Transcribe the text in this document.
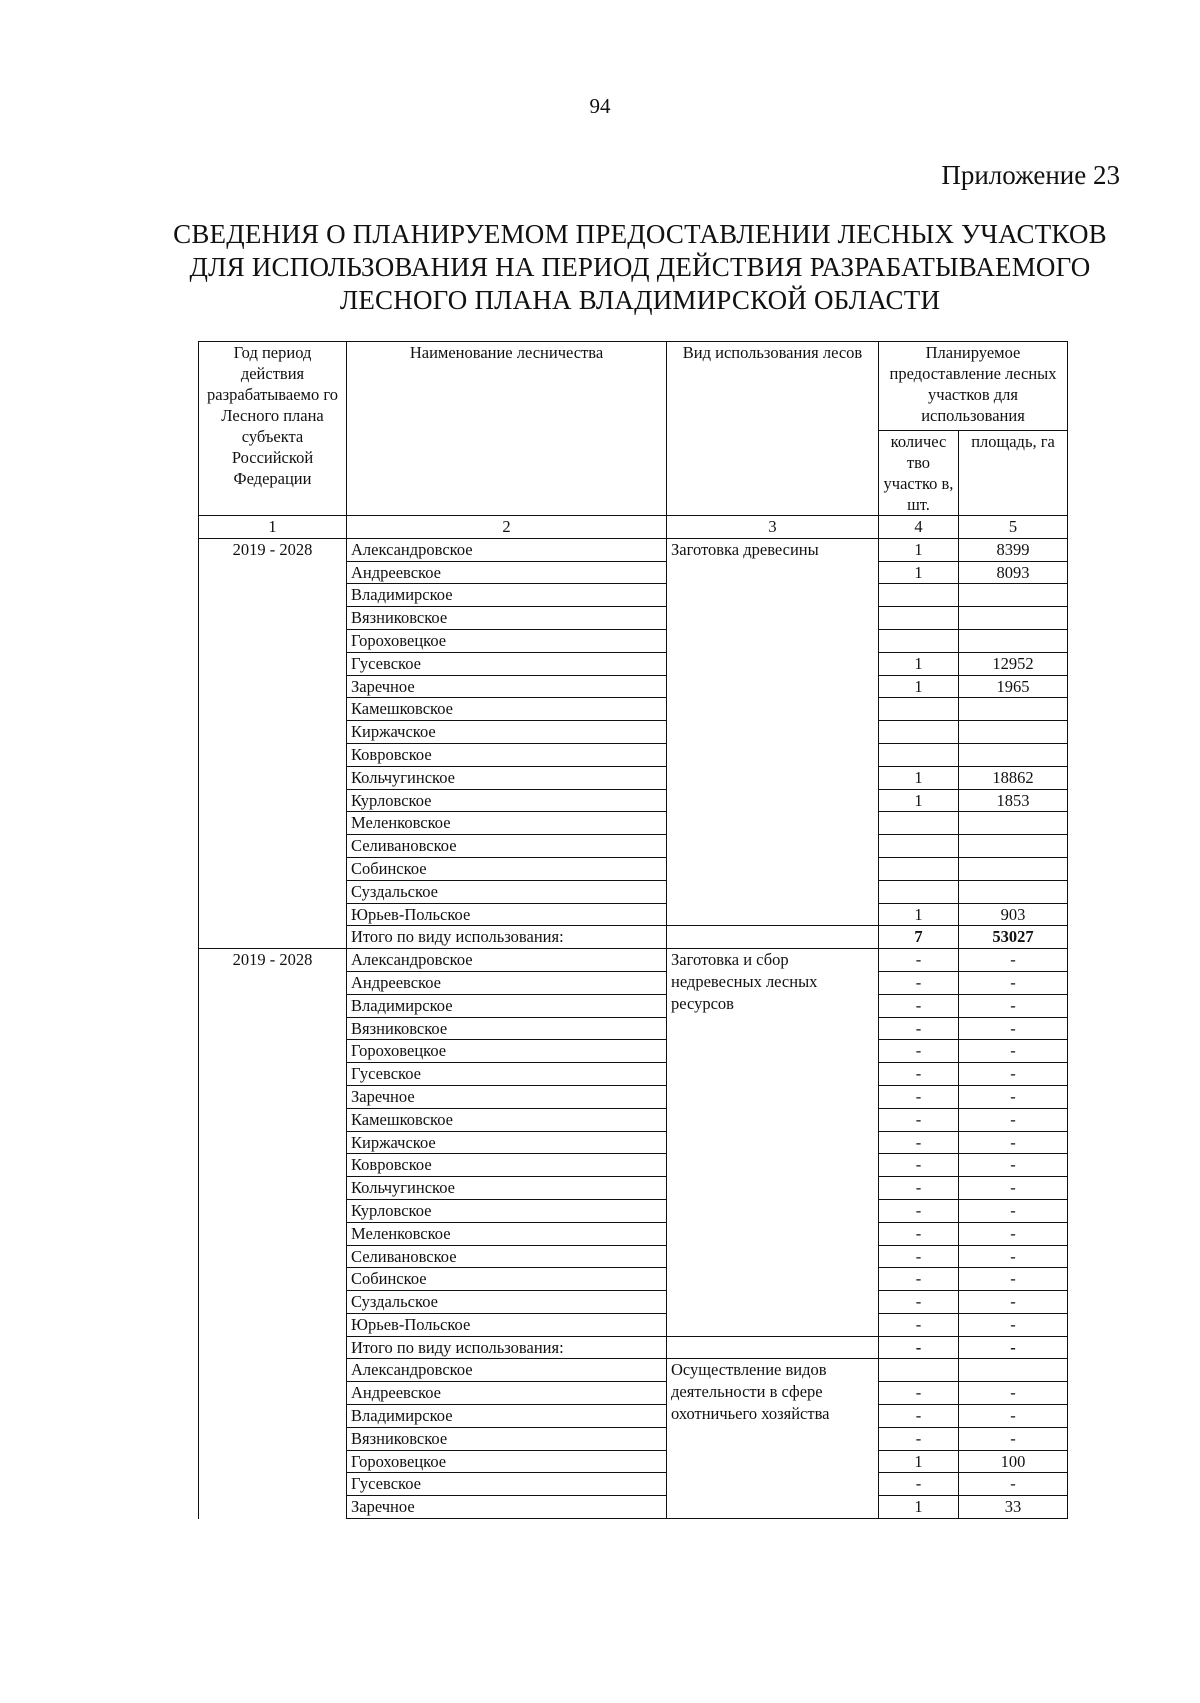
94
Приложение 23
СВЕДЕНИЯ О ПЛАНИРУЕМОМ ПРЕДОСТАВЛЕНИИ ЛЕСНЫХ УЧАСТКОВ
ДЛЯ ИСПОЛЬЗОВАНИЯ НА ПЕРИОД ДЕЙСТВИЯ РАЗРАБАТЫВАЕМОГО
ЛЕСНОГО ПЛАНА ВЛАДИМИРСКОЙ ОБЛАСТИ
Год период действия разрабатываемо го Лесного плана субъекта Российской Федерации	Наименование лесничества	Вид использования лесов	Планируемое предоставление лесных участков для использования	
			количес тво участко в, шт.	площадь, га
1	2	3	4	5
2019 - 2028	Александровское	Заготовка древесины	1	8399
	Андреевское		1	8093
	Владимирское			
	Вязниковское			
	Гороховецкое			
	Гусевское		1	12952
	Заречное		1	1965
	Камешковское			
	Киржачское			
	Ковровское			
	Кольчугинское		1	18862
	Курловское		1	1853
	Меленковское			
	Селивановское			
	Собинское			
	Суздальское			
	Юрьев-Польское		1	903
	Итого по виду использования:		7	53027
2019 - 2028	Александровское	Заготовка и сбор недревесных лесных ресурсов	-	-
	Андреевское		-	-
	Владимирское		-	-
	Вязниковское		-	-
	Гороховецкое		-	-
	Гусевское		-	-
	Заречное		-	-
	Камешковское		-	-
	Киржачское		-	-
	Ковровское		-	-
	Кольчугинское		-	-
	Курловское		-	-
	Меленковское		-	-
	Селивановское		-	-
	Собинское		-	-
	Суздальское		-	-
	Юрьев-Польское		-	-
	Итого по виду использования:		-	-
	Александровское	Осуществление видов деятельности в сфере охотничьего хозяйства		

	Андреевское		-	-
	Владимирское		-	-
	Вязниковское		-	-
	Гороховецкое		1	100
	Гусевское		-	-
	Заречное		1	33
